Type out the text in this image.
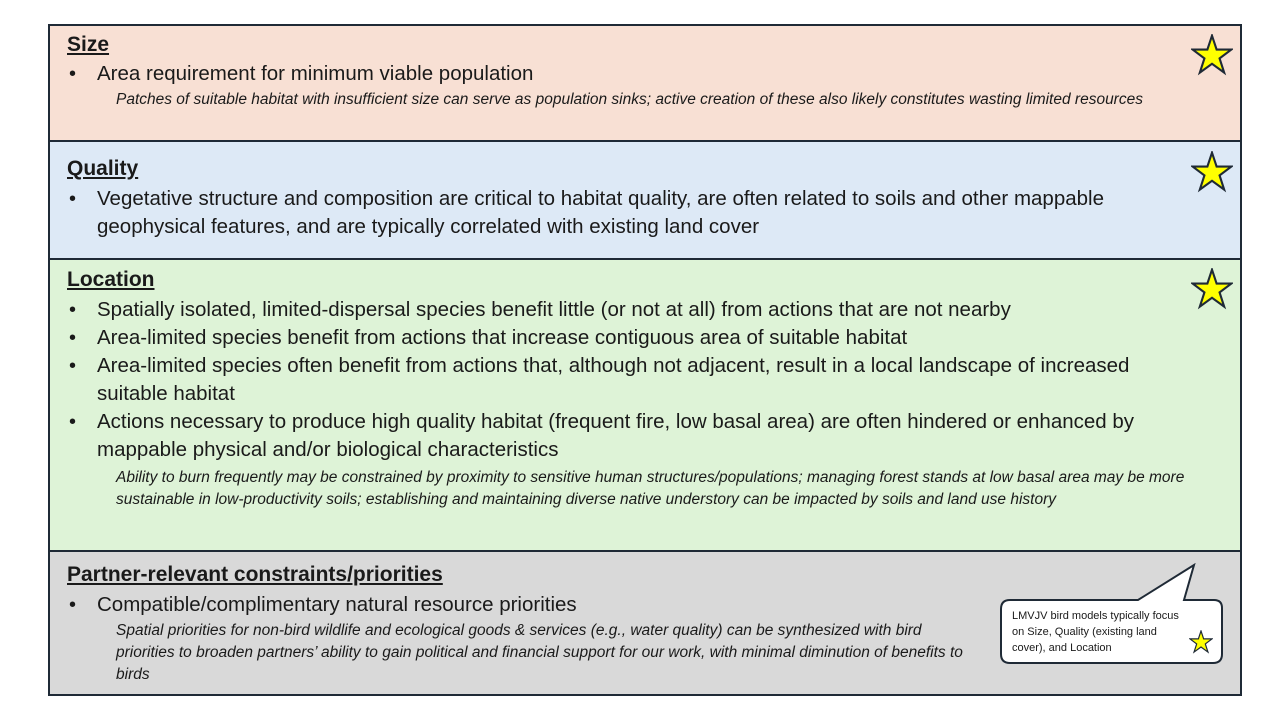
Size
• Area requirement for minimum viable population

Patches of suitable habitat with insufficient size can serve as population sinks; active creation of these also likely constitutes wasting limited resources

Quality
• Vegetative structure and composition are critical to habitat quality, are often related to soils and other mappable geophysical features, and are typically correlated with existing land cover
Location
• Spatially isolated, limited-dispersal species benefit little (or not at all) from actions that are not nearby
• Area-limited species benefit from actions that increase contiguous area of suitable habitat
• Area-limited species often benefit from actions that, although not adjacent, result in a local landscape of increased suitable habitat
• Actions necessary to produce high quality habitat (frequent fire, low basal area) are often hindered or enhanced by mappable physical and/or biological characteristics

Ability to burn frequently may be constrained by proximity to sensitive human structures/populations; managing forest stands at low basal area may be more sustainable in low-productivity soils; establishing and maintaining diverse native understory can be impacted by soils and land use history

Partner-relevant constraints/priorities
• Compatible/complimentary natural resource priorities

Spatial priorities for non-bird wildlife and ecological goods & services (e.g., water quality) can be synthesized with bird priorities to broaden partners’ ability to gain political and financial support for our work, with minimal diminution of benefits to birds

LMVJV bird models typically focus on Size, Quality (existing land cover), and Location
